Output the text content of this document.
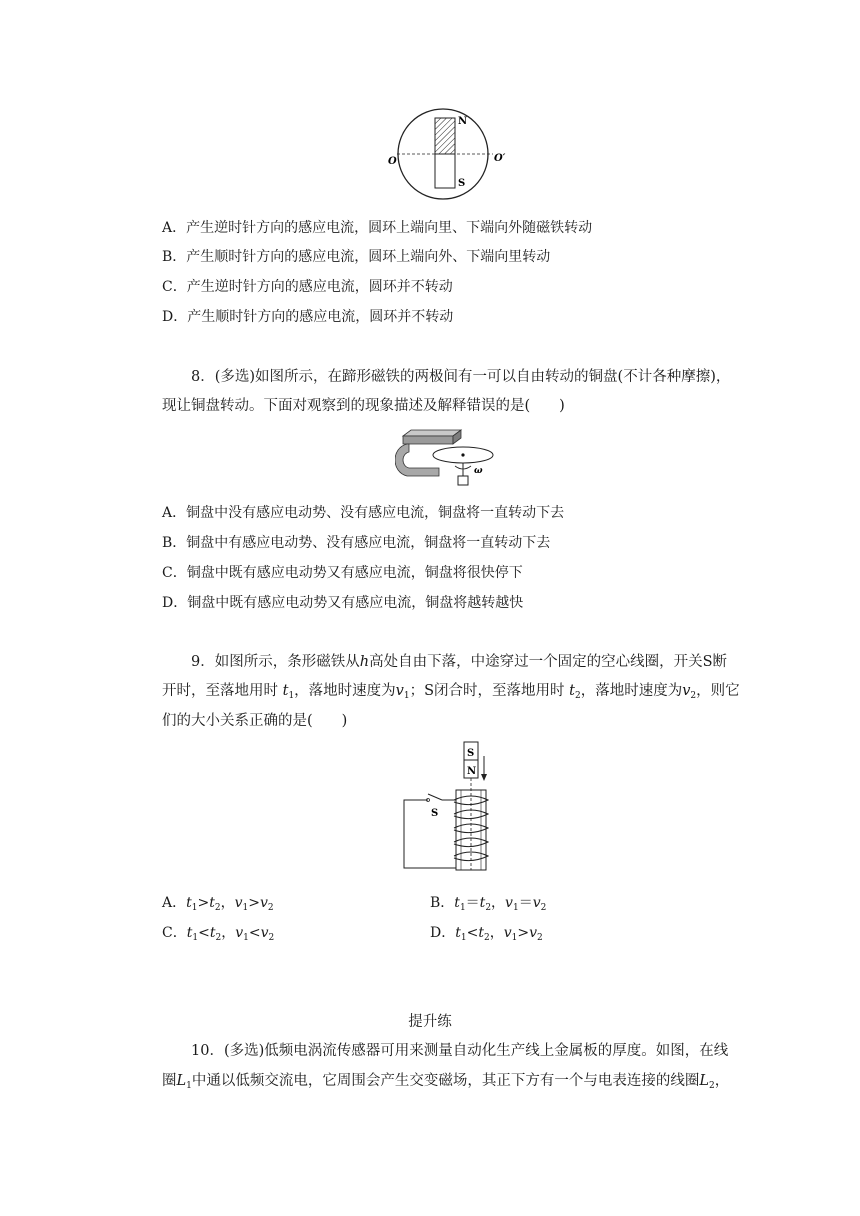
N
S
O	O′
A．产生逆时针方向的感应电流，圆环上端向里、下端向外随磁铁转动
B．产生顺时针方向的感应电流，圆环上端向外、下端向里转动
C．产生逆时针方向的感应电流，圆环并不转动
D．产生顺时针方向的感应电流，圆环并不转动
8．(多选)如图所示，在蹄形磁铁的两极间有一可以自由转动的铜盘(不计各种摩擦)，
现让铜盘转动。下面对观察到的现象描述及解释错误的是(　　)
ω
A．铜盘中没有感应电动势、没有感应电流，铜盘将一直转动下去
B．铜盘中有感应电动势、没有感应电流，铜盘将一直转动下去
C．铜盘中既有感应电动势又有感应电流，铜盘将很快停下
D．铜盘中既有感应电动势又有感应电流，铜盘将越转越快
9．如图所示，条形磁铁从h高处自由下落，中途穿过一个固定的空心线圈，开关S断
开时，至落地用时 $t_1$，落地时速度为$v_1$；S闭合时，至落地用时 $t_2$，落地时速度为$v_2$，则它
们的大小关系正确的是(　　)
S
N
S
A．$t_1>t_2$，$v_1>v_2$	B．$t_1=t_2$，$v_1=v_2$
C．$t_1<t_2$，$v_1<v_2$	D．$t_1<t_2$，$v_1>v_2$
提升练
10．(多选)低频电涡流传感器可用来测量自动化生产线上金属板的厚度。如图，在线
圈$L_1$中通以低频交流电，它周围会产生交变磁场，其正下方有一个与电表连接的线圈$L_2$，
